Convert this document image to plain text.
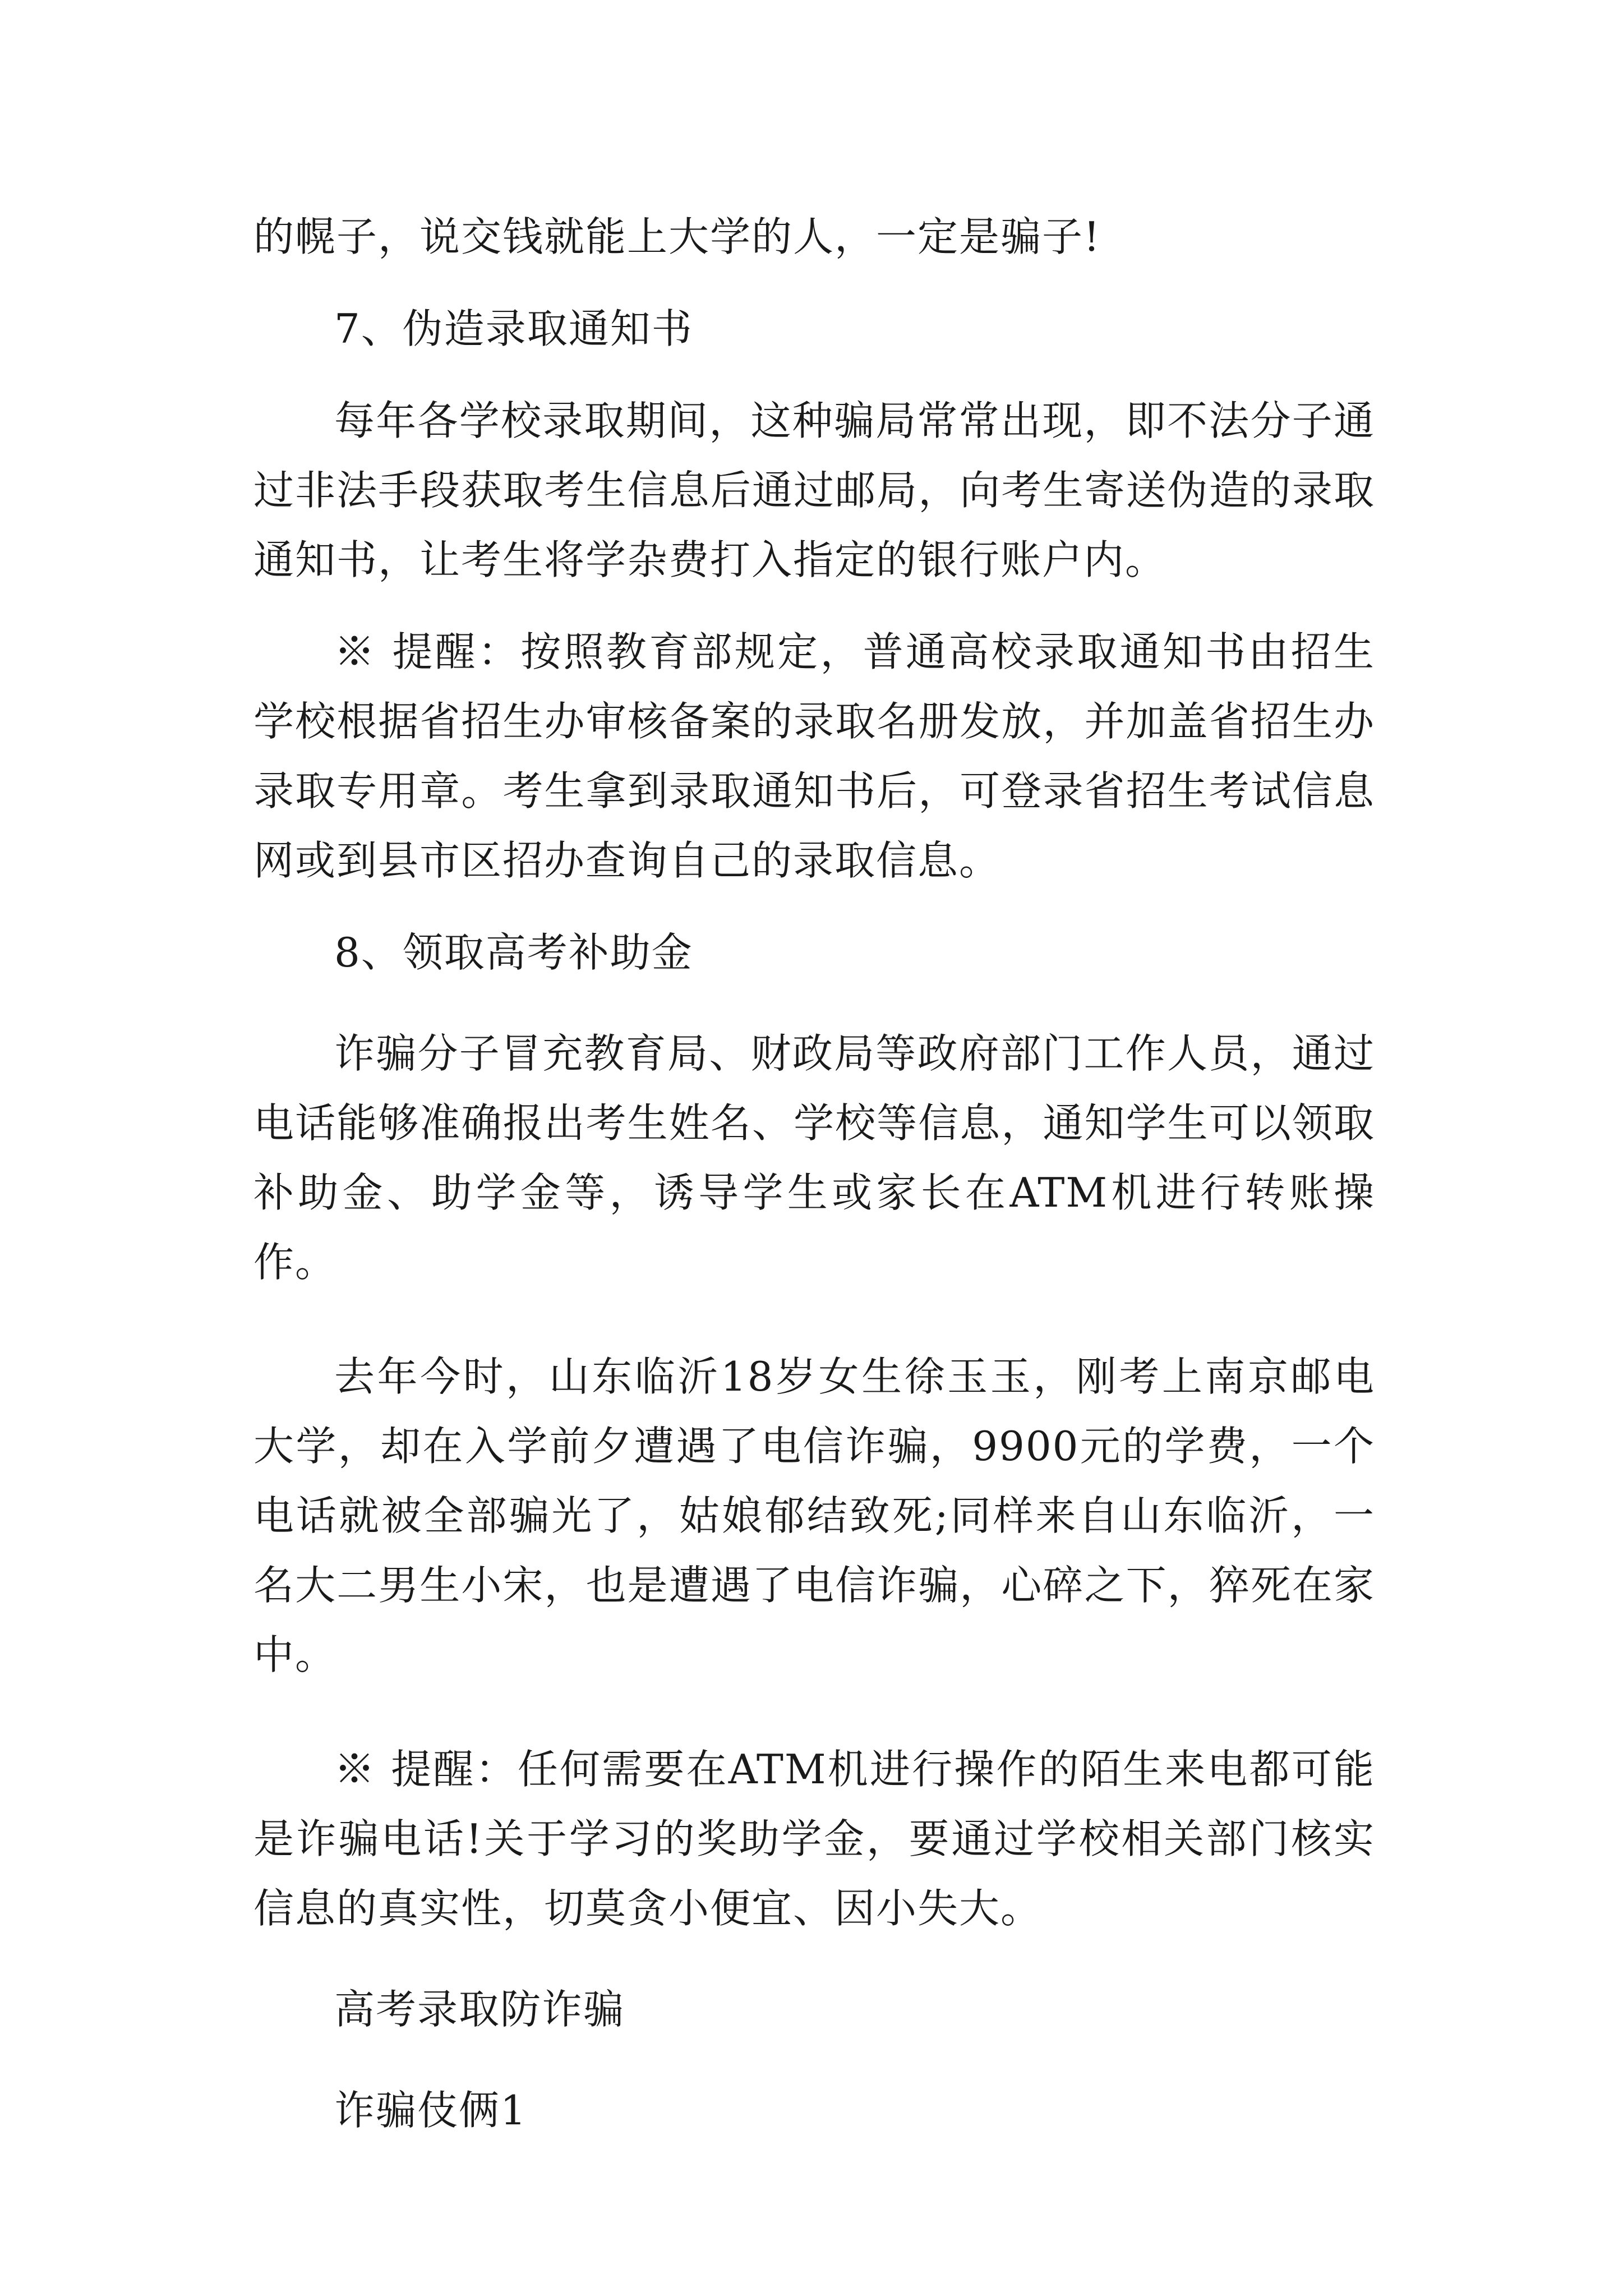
的幌子，说交钱就能上大学的人，一定是骗子!

7、伪造录取通知书

每年各学校录取期间，这种骗局常常出现，即不法分子通过非法手段获取考生信息后通过邮局，向考生寄送伪造的录取通知书，让考生将学杂费打入指定的银行账户内。

※ 提醒：按照教育部规定，普通高校录取通知书由招生学校根据省招生办审核备案的录取名册发放，并加盖省招生办录取专用章。考生拿到录取通知书后，可登录省招生考试信息网或到县市区招办查询自己的录取信息。

8、领取高考补助金

诈骗分子冒充教育局、财政局等政府部门工作人员，通过电话能够准确报出考生姓名、学校等信息，通知学生可以领取补助金、助学金等，诱导学生或家长在ATM机进行转账操作。

去年今时，山东临沂18岁女生徐玉玉，刚考上南京邮电大学，却在入学前夕遭遇了电信诈骗，9900元的学费，一个电话就被全部骗光了，姑娘郁结致死;同样来自山东临沂，一名大二男生小宋，也是遭遇了电信诈骗，心碎之下，猝死在家中。

※ 提醒：任何需要在ATM机进行操作的陌生来电都可能是诈骗电话!关于学习的奖助学金，要通过学校相关部门核实信息的真实性，切莫贪小便宜、因小失大。

高考录取防诈骗

诈骗伎俩1
